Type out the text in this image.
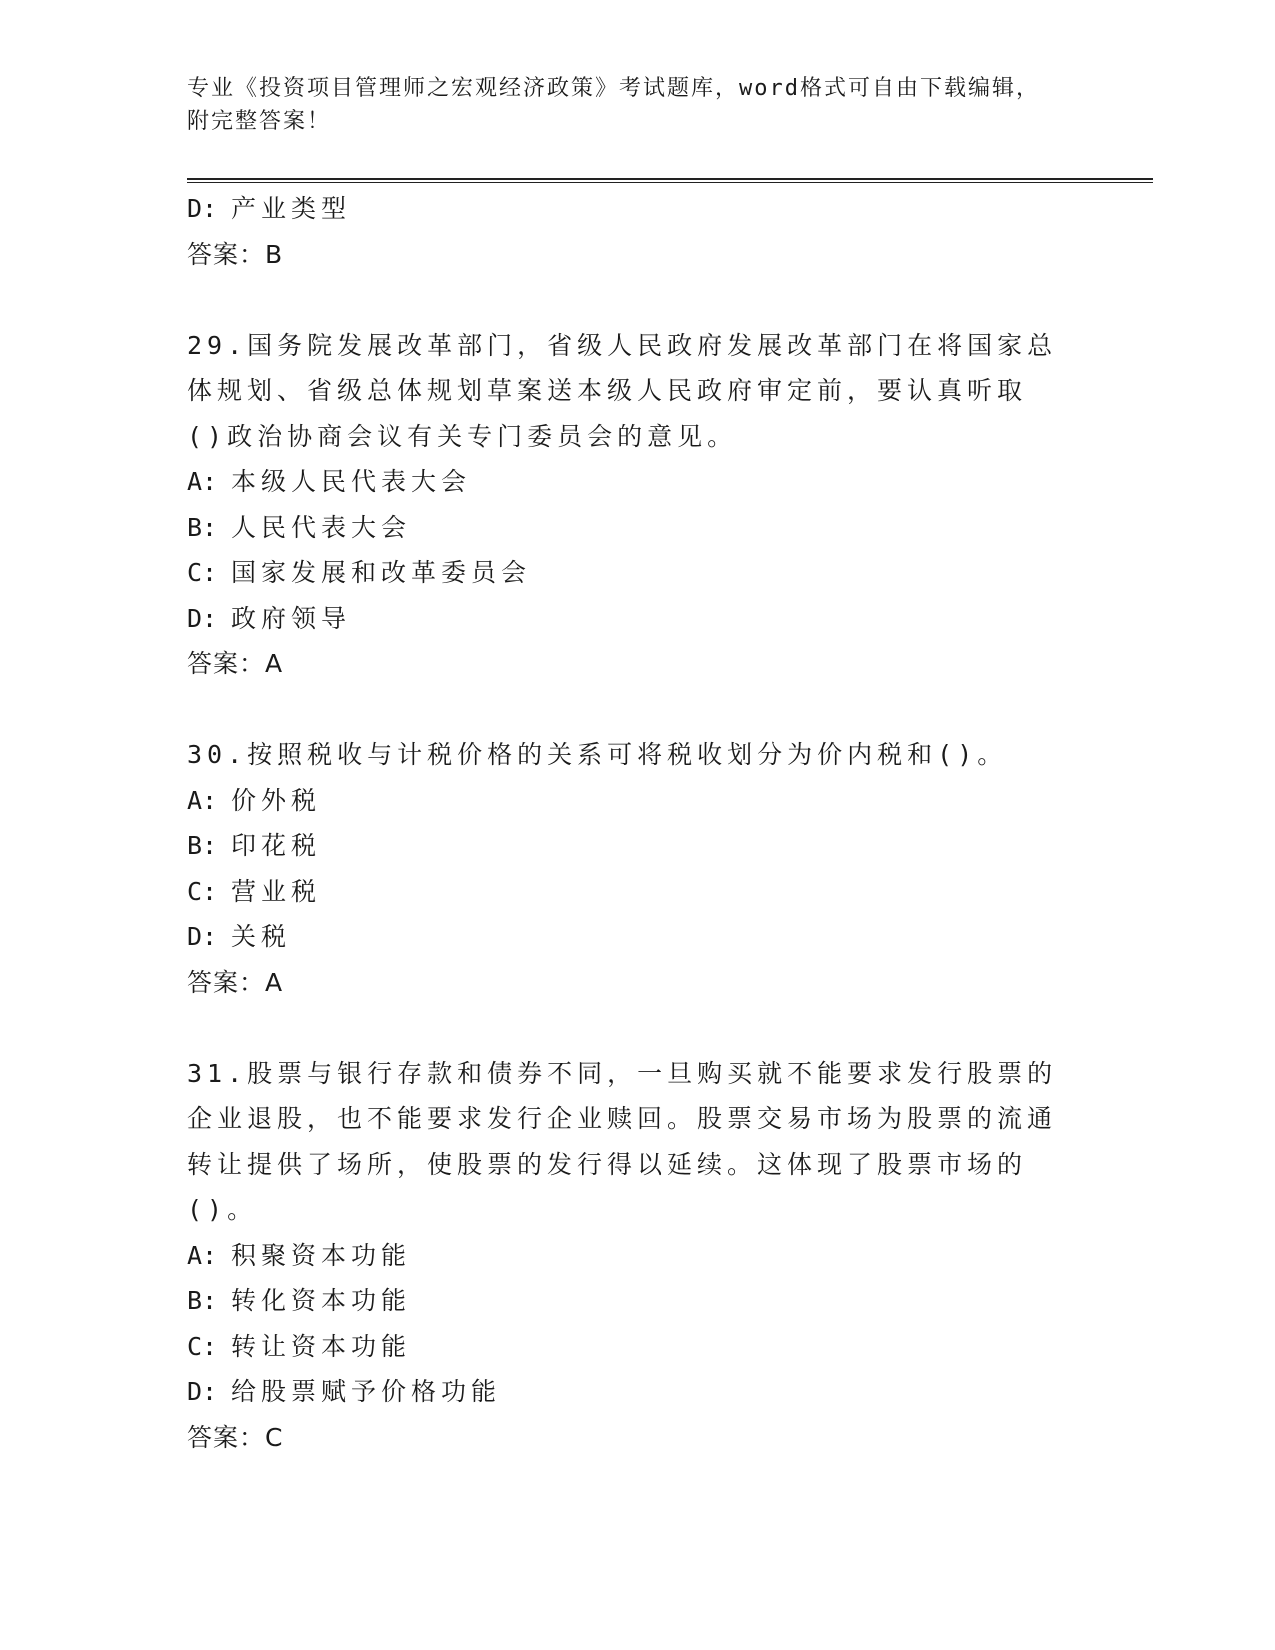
专业《投资项目管理师之宏观经济政策》考试题库，word格式可自由下载编辑，
附完整答案！
D: 产业类型
答案：B
29.国务院发展改革部门，省级人民政府发展改革部门在将国家总体规划、省级总体规划草案送本级人民政府审定前，要认真听取()政治协商会议有关专门委员会的意见。
A: 本级人民代表大会
B: 人民代表大会
C: 国家发展和改革委员会
D: 政府领导
答案：A
30.按照税收与计税价格的关系可将税收划分为价内税和()。
A: 价外税
B: 印花税
C: 营业税
D: 关税
答案：A
31.股票与银行存款和债券不同，一旦购买就不能要求发行股票的企业退股，也不能要求发行企业赎回。股票交易市场为股票的流通转让提供了场所，使股票的发行得以延续。这体现了股票市场的()。
A: 积聚资本功能
B: 转化资本功能
C: 转让资本功能
D: 给股票赋予价格功能
答案：C
